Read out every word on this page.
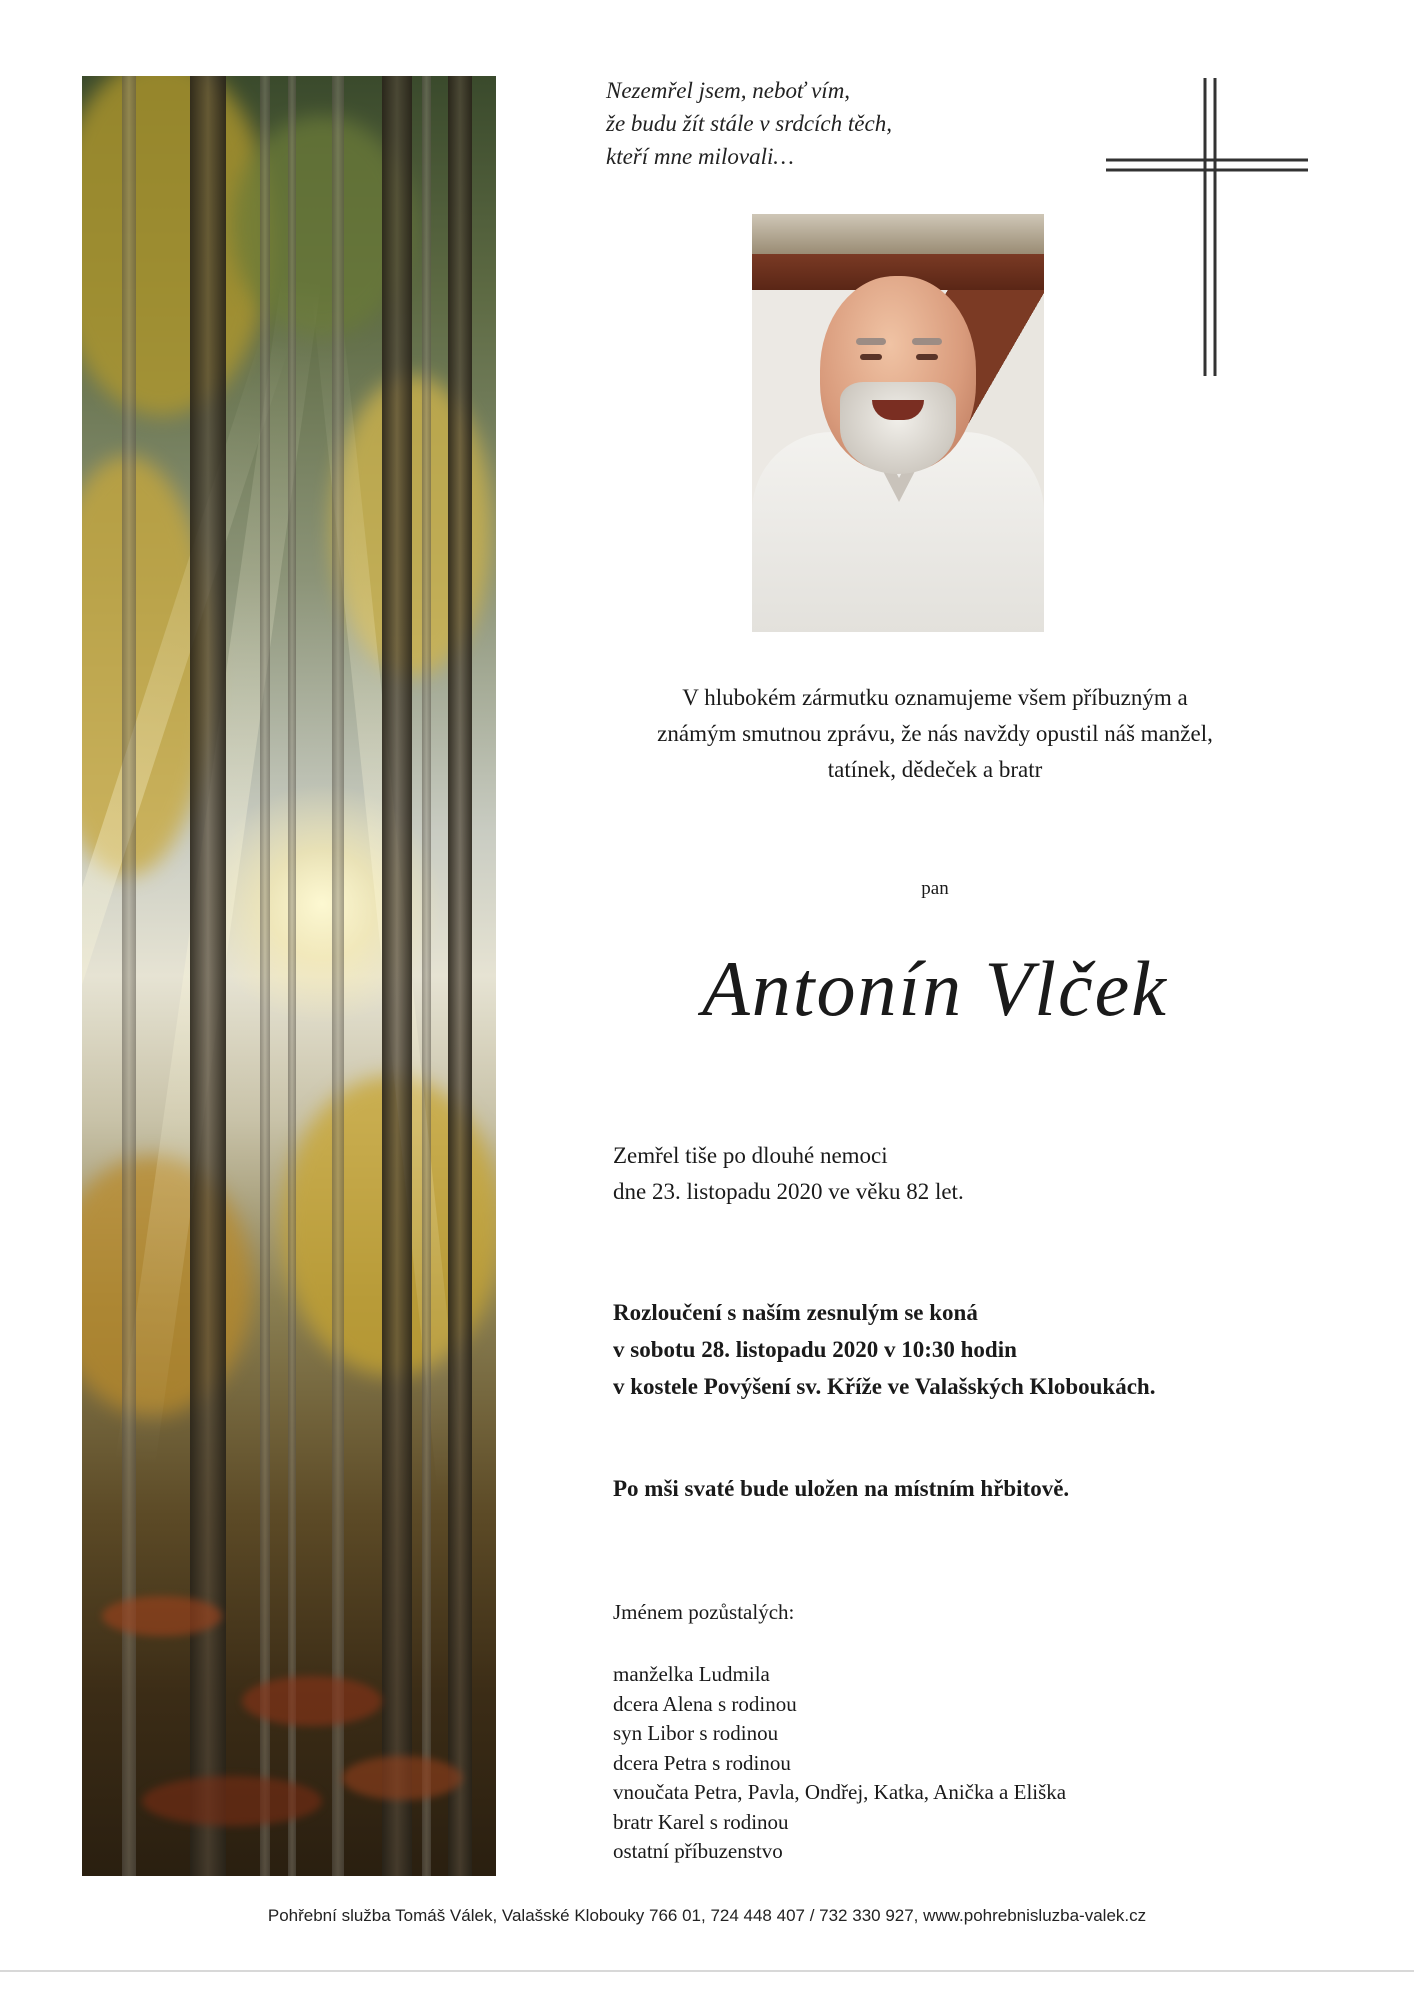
Nezemřel jsem, neboť vím,
že budu žít stále v srdcích těch,
kteří mne milovali…
V hlubokém zármutku oznamujeme všem příbuzným a
známým smutnou zprávu, že nás navždy opustil náš manžel,
tatínek, dědeček a bratr
pan
Antonín Vlček
Zemřel tiše po dlouhé nemoci
dne 23. listopadu 2020 ve věku 82 let.
Rozloučení s naším zesnulým se koná
v sobotu 28. listopadu 2020 v 10:30 hodin
v kostele Povýšení sv. Kříže ve Valašských Kloboukách.
Po mši svaté bude uložen na místním hřbitově.
Jménem pozůstalých:
manželka Ludmila
dcera Alena s rodinou
syn Libor s rodinou
dcera Petra s rodinou
vnoučata Petra, Pavla, Ondřej, Katka, Anička a Eliška
bratr Karel s rodinou
ostatní příbuzenstvo
Pohřební služba Tomáš Válek, Valašské Klobouky 766 01, 724 448 407 / 732 330 927, www.pohrebnisluzba-valek.cz
